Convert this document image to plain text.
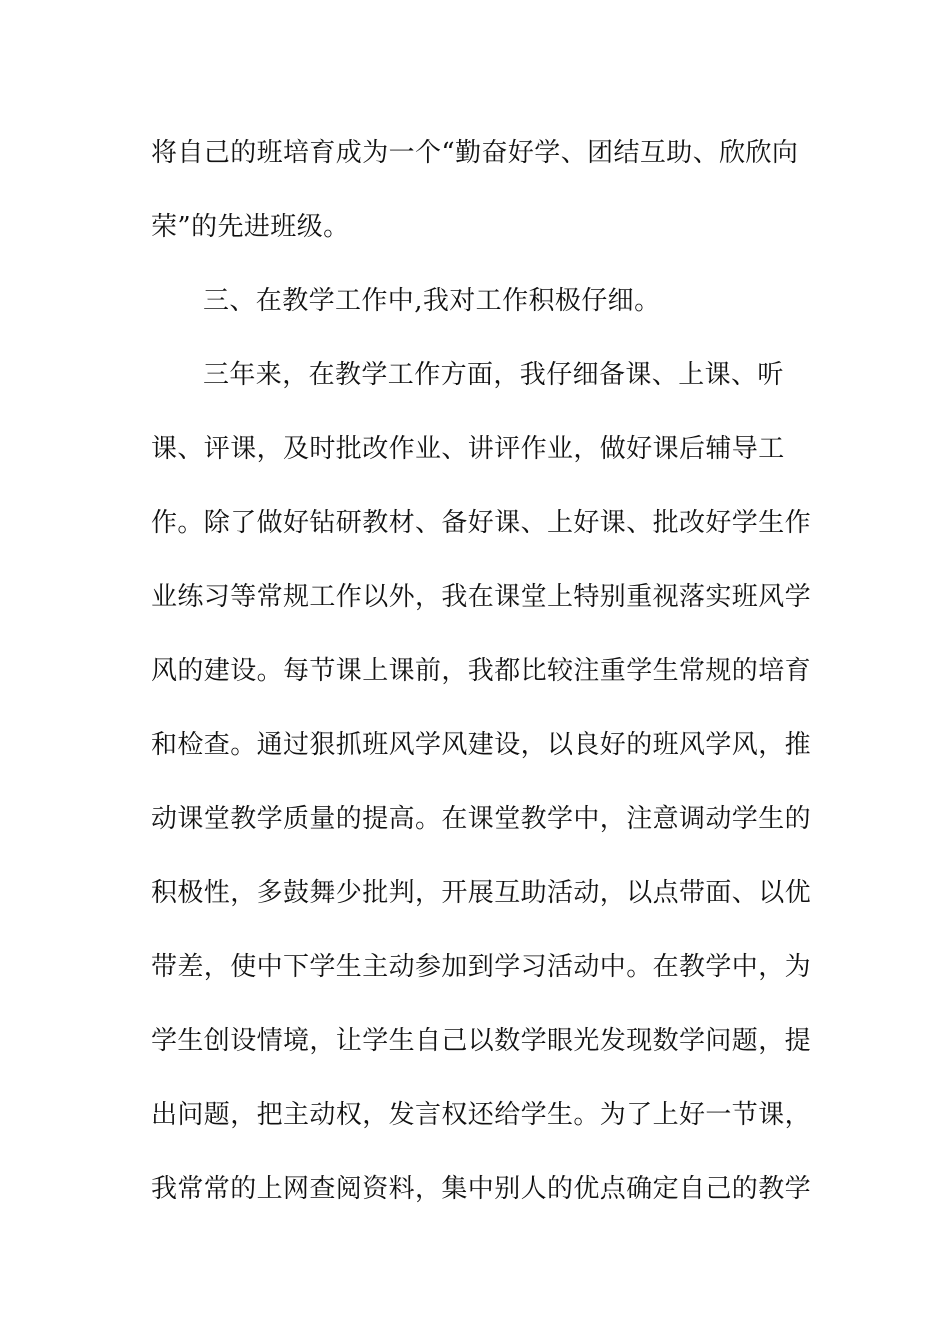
将自己的班培育成为一个“勤奋好学、团结互助、欣欣向
荣”的先进班级。
三、在教学工作中,我对工作积极仔细。
三年来，在教学工作方面，我仔细备课、上课、听
课、评课，及时批改作业、讲评作业，做好课后辅导工
作。除了做好钻研教材、备好课、上好课、批改好学生作
业练习等常规工作以外，我在课堂上特别重视落实班风学
风的建设。每节课上课前，我都比较注重学生常规的培育
和检查。通过狠抓班风学风建设，以良好的班风学风，推
动课堂教学质量的提高。在课堂教学中，注意调动学生的
积极性，多鼓舞少批判，开展互助活动，以点带面、以优
带差，使中下学生主动参加到学习活动中。在教学中，为
学生创设情境，让学生自己以数学眼光发现数学问题，提
出问题，把主动权，发言权还给学生。为了上好一节课，
我常常的上网查阅资料，集中别人的优点确定自己的教学
